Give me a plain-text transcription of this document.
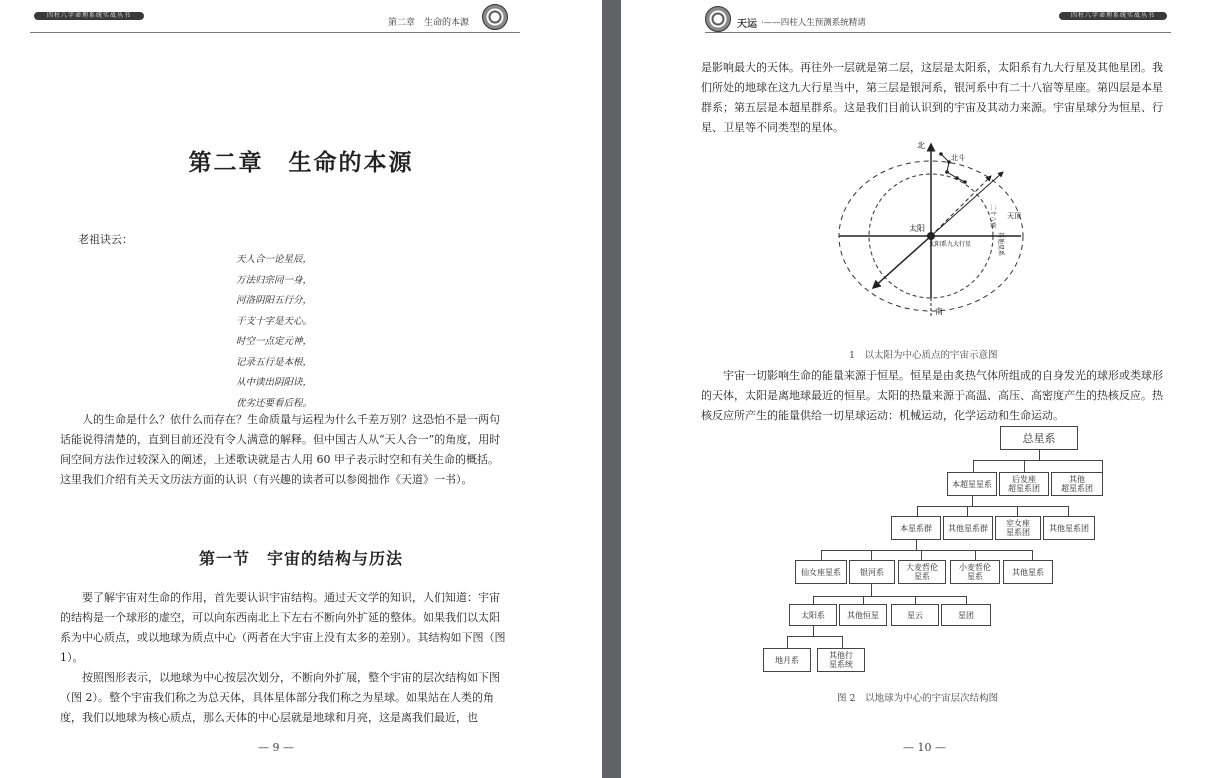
四柱八字命理系统实战丛书
第二章　生命的本源
第二章　生命的本源
老祖诀云：
天人合一论星辰，
万法归宗同一身，
河洛阴阳五行分，
干支十字是天心。
时空一点定元神，
记录五行是本根，
从中读出阴阳诀，
优劣还要看后程。
人的生命是什么？依什么而存在？生命质量与运程为什么千差万别？这恐怕不是一两句话能说得清楚的，直到目前还没有令人满意的解释。但中国古人从“天人合一”的角度，用时间空间方法作过较深入的阐述，上述歌诀就是古人用 60 甲子表示时空和有关生命的概括。这里我们介绍有关天文历法方面的认识（有兴趣的读者可以参阅拙作《天道》一书）。
第一节　宇宙的结构与历法
要了解宇宙对生命的作用，首先要认识宇宙结构。通过天文学的知识，人们知道：宇宙的结构是一个球形的虚空，可以向东西南北上下左右不断向外扩延的整体。如果我们以太阳系为中心质点，或以地球为质点中心（两者在大宇宙上没有太多的差别）。其结构如下图（图 1）。
按照图形表示，以地球为中心按层次划分，不断向外扩展，整个宇宙的层次结构如下图（图 2）。整个宇宙我们称之为总天体，具体星体部分我们称之为星球。如果站在人类的角度，我们以地球为核心质点，那么天体的中心层就是地球和月亮，这是离我们最近，也
— 9 —
天运 ·——四柱人生预测系统精请
四柱八字命理系统实战丛书
是影响最大的天体。再往外一层就是第二层，这层是太阳系，太阳系有九大行星及其他星团。我们所处的地球在这九大行星当中，第三层是银河系，银河系中有二十八宿等星座。第四层是本星群系；第五层是本超星群系。这是我们目前认识到的宇宙及其动力来源。宇宙星球分为恒星、行星、卫星等不同类型的星体。
北
南
北斗
太阳
太阳系九大行星
天顶
二十八宿
其他星系
1　以太阳为中心质点的宇宙示意图
宇宙一切影响生命的能量来源于恒星。恒星是由炙热气体所组成的自身发光的球形或类球形的天体，太阳是离地球最近的恒星。太阳的热量来源于高温、高压、高密度产生的热核反应。热核反应所产生的能量供给一切星球运动：机械运动，化学运动和生命运动。
总星系
本超星星系	后发座
超星系团
其他
超星系团
本星系群	其他星系群	室女座
星系团	其他星系团
仙女座星系	银河系	大麦哲伦
星系
小麦哲伦
星系	其他星系
太阳系	其他恒星	星云	星团
地月系	其他行
星系统
图 2　以地球为中心的宇宙层次结构图
— 10 —
